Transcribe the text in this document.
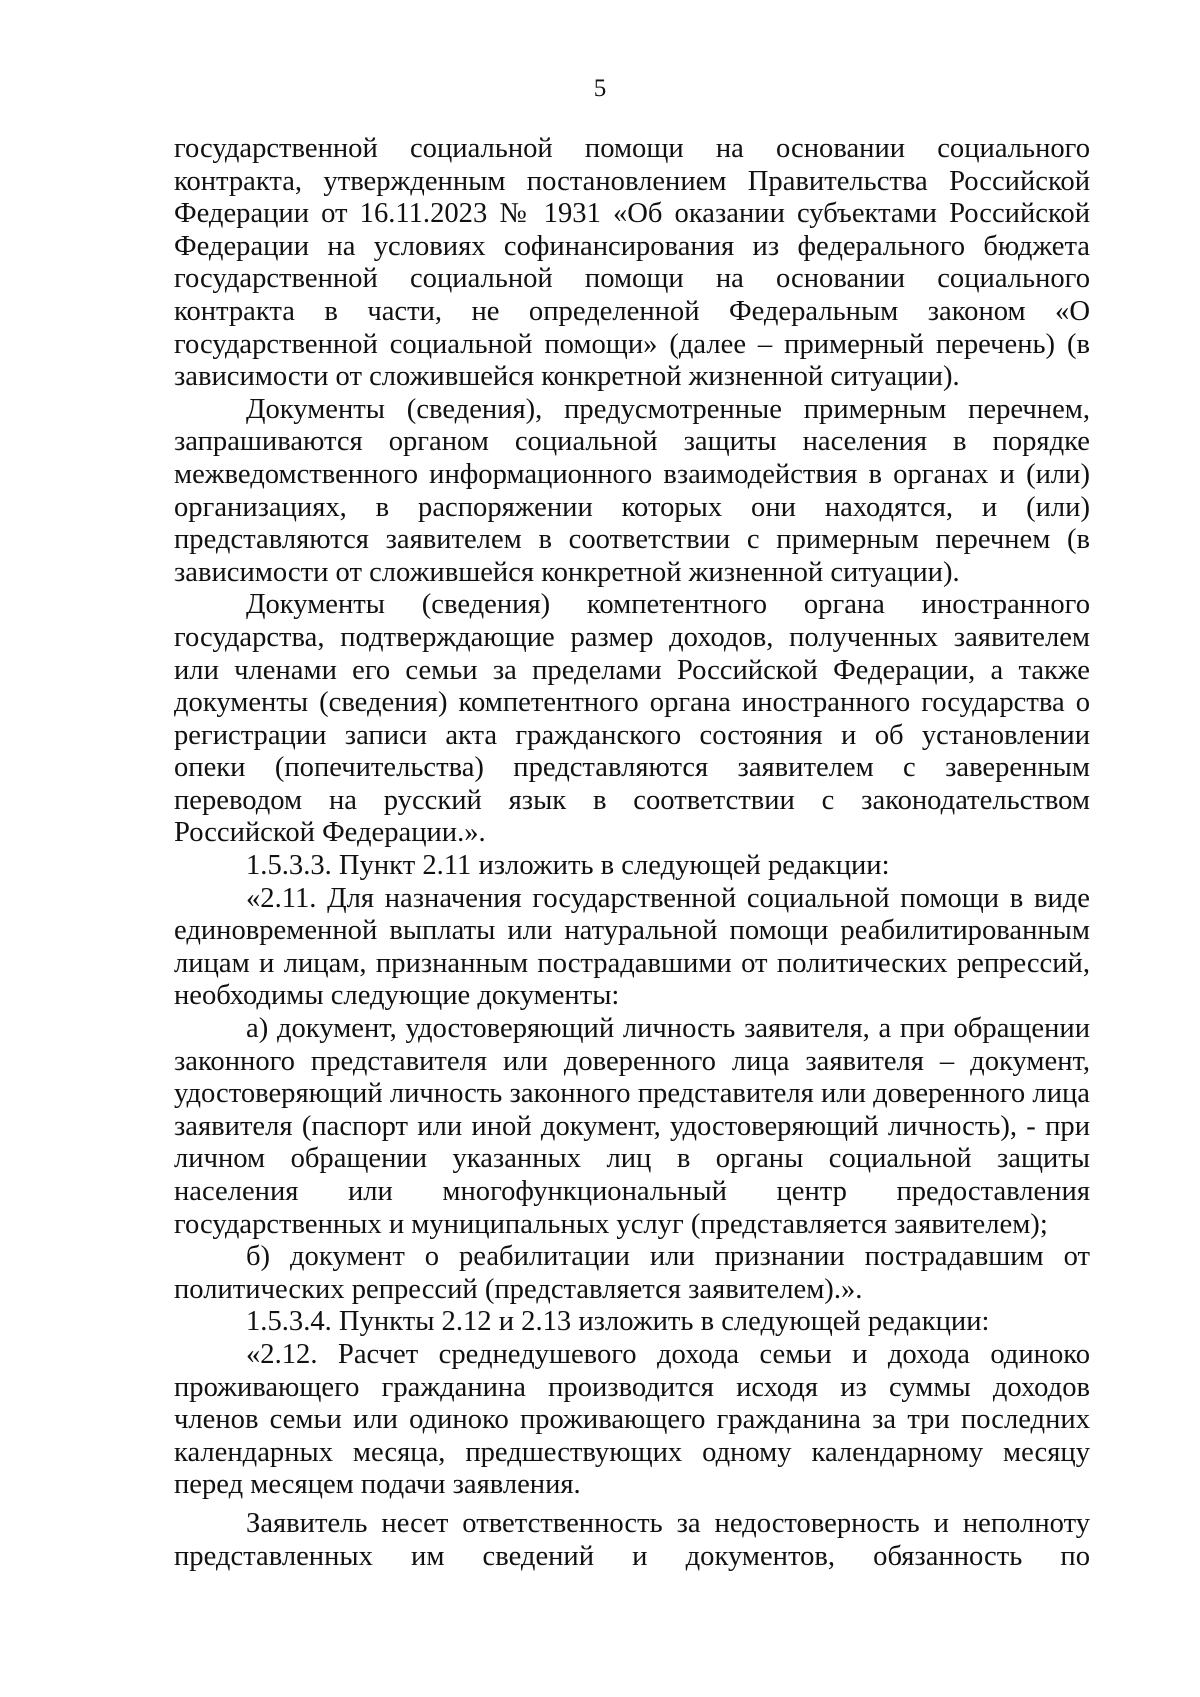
5

государственной социальной помощи на основании социального контракта, утвержденным постановлением Правительства Российской Федерации от 16.11.2023 № 1931 «Об оказании субъектами Российской Федерации на условиях софинансирования из федерального бюджета государственной социальной помощи на основании социального контракта в части, не определенной Федеральным законом «О государственной социальной помощи» (далее – примерный перечень) (в зависимости от сложившейся конкретной жизненной ситуации).

Документы (сведения), предусмотренные примерным перечнем, запрашиваются органом социальной защиты населения в порядке межведомственного информационного взаимодействия в органах и (или) организациях, в распоряжении которых они находятся, и (или) представляются заявителем в соответствии с примерным перечнем (в зависимости от сложившейся конкретной жизненной ситуации).

Документы (сведения) компетентного органа иностранного государства, подтверждающие размер доходов, полученных заявителем или членами его семьи за пределами Российской Федерации, а также документы (сведения) компетентного органа иностранного государства о регистрации записи акта гражданского состояния и об установлении опеки (попечительства) представляются заявителем с заверенным переводом на русский язык в соответствии с законодательством Российской Федерации.».

1.5.3.3. Пункт 2.11 изложить в следующей редакции:

«2.11. Для назначения государственной социальной помощи в виде единовременной выплаты или натуральной помощи реабилитированным лицам и лицам, признанным пострадавшими от политических репрессий, необходимы следующие документы:

а) документ, удостоверяющий личность заявителя, а при обращении законного представителя или доверенного лица заявителя – документ, удостоверяющий личность законного представителя или доверенного лица заявителя (паспорт или иной документ, удостоверяющий личность), - при личном обращении указанных лиц в органы социальной защиты населения или многофункциональный центр предоставления государственных и муниципальных услуг (представляется заявителем);

б) документ о реабилитации или признании пострадавшим от политических репрессий (представляется заявителем).».

1.5.3.4. Пункты 2.12 и 2.13 изложить в следующей редакции:

«2.12. Расчет среднедушевого дохода семьи и дохода одиноко проживающего гражданина производится исходя из суммы доходов членов семьи или одиноко проживающего гражданина за три последних календарных месяца, предшествующих одному календарному месяцу перед месяцем подачи заявления.

Заявитель несет ответственность за недостоверность и неполноту представленных им сведений и документов, обязанность по
